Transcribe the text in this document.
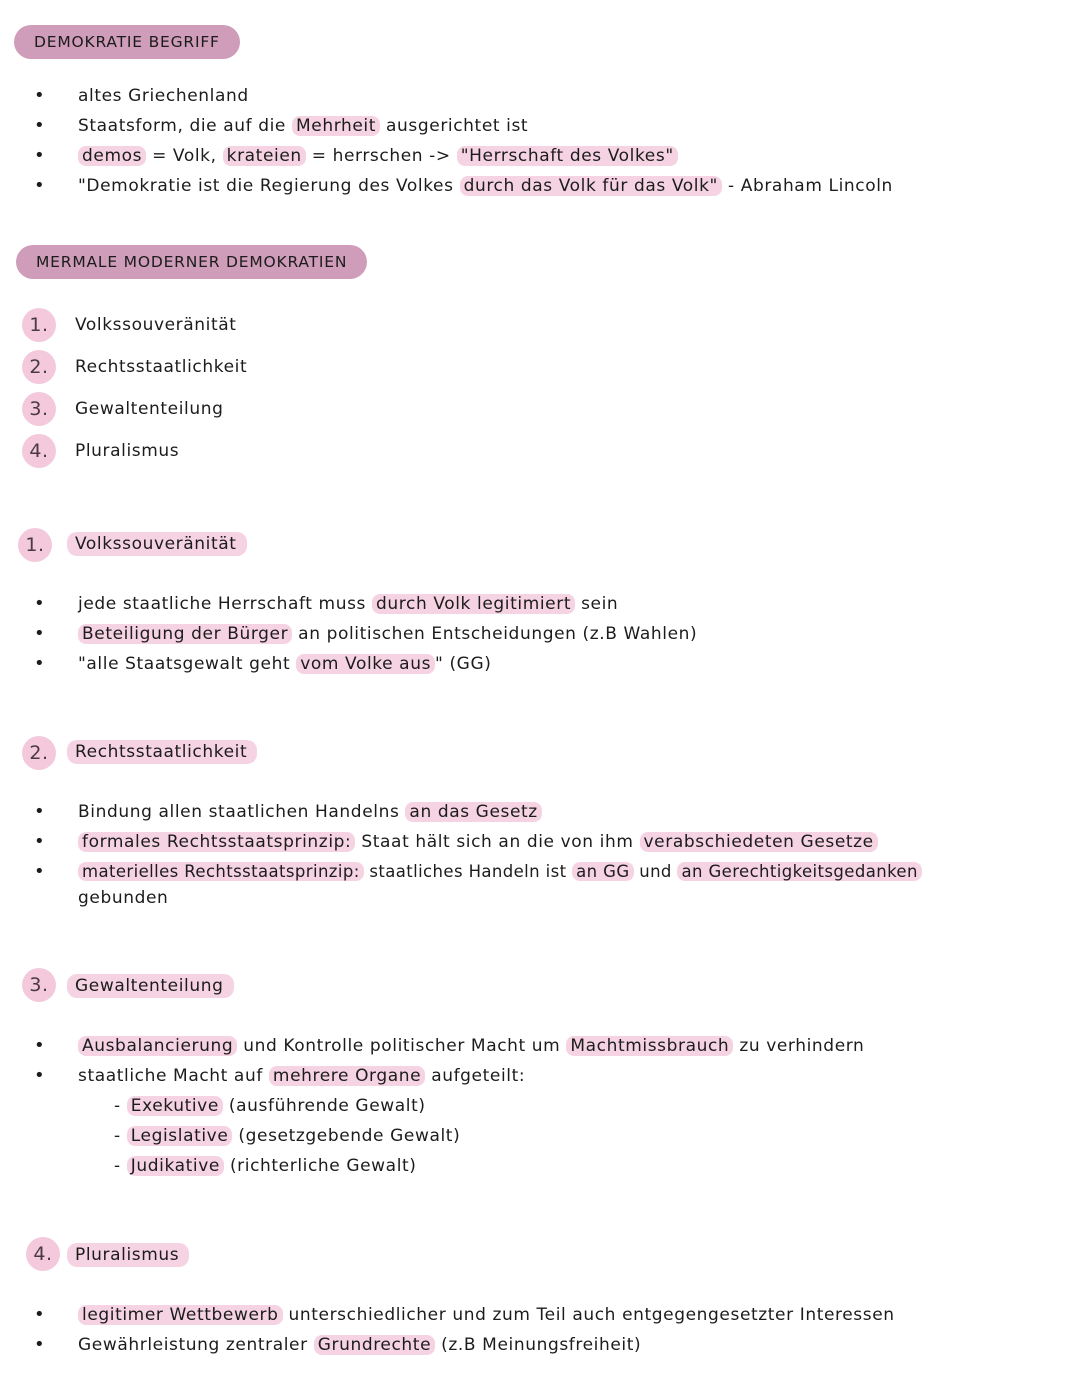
DEMOKRATIE BEGRIFF
• altes Griechenland
• Staatsform, die auf die Mehrheit ausgerichtet ist
• demos = Volk, krateien = herrschen -> "Herrschaft des Volkes"
• "Demokratie ist die Regierung des Volkes durch das Volk für das Volk" - Abraham Lincoln
MERMALE MODERNER DEMOKRATIEN
1.	Volkssouveränität
2.	Rechtsstaatlichkeit
3.	Gewaltenteilung
4.	Pluralismus
1.	Volkssouveränität
• jede staatliche Herrschaft muss durch Volk legitimiert sein
• Beteiligung der Bürger an politischen Entscheidungen (z.B Wahlen)
• "alle Staatsgewalt geht vom Volke aus " (GG)
2.	Rechtsstaatlichkeit
• Bindung allen staatlichen Handelns an das Gesetz
• formales Rechtsstaatsprinzip: Staat hält sich an die von ihm verabschiedeten Gesetze
• materielles Rechtsstaatsprinzip: staatliches Handeln ist an GG und an Gerechtigkeitsgedanken
gebunden
3.	Gewaltenteilung
• Ausbalancierung und Kontrolle politischer Macht um Machtmissbrauch zu verhindern
• staatliche Macht auf mehrere Organe aufgeteilt:
- Exekutive (ausführende Gewalt)
- Legislative (gesetzgebende Gewalt)
- Judikative (richterliche Gewalt)
4.	Pluralismus
• legitimer Wettbewerb unterschiedlicher und zum Teil auch entgegengesetzter Interessen
• Gewährleistung zentraler Grundrechte (z.B Meinungsfreiheit)
